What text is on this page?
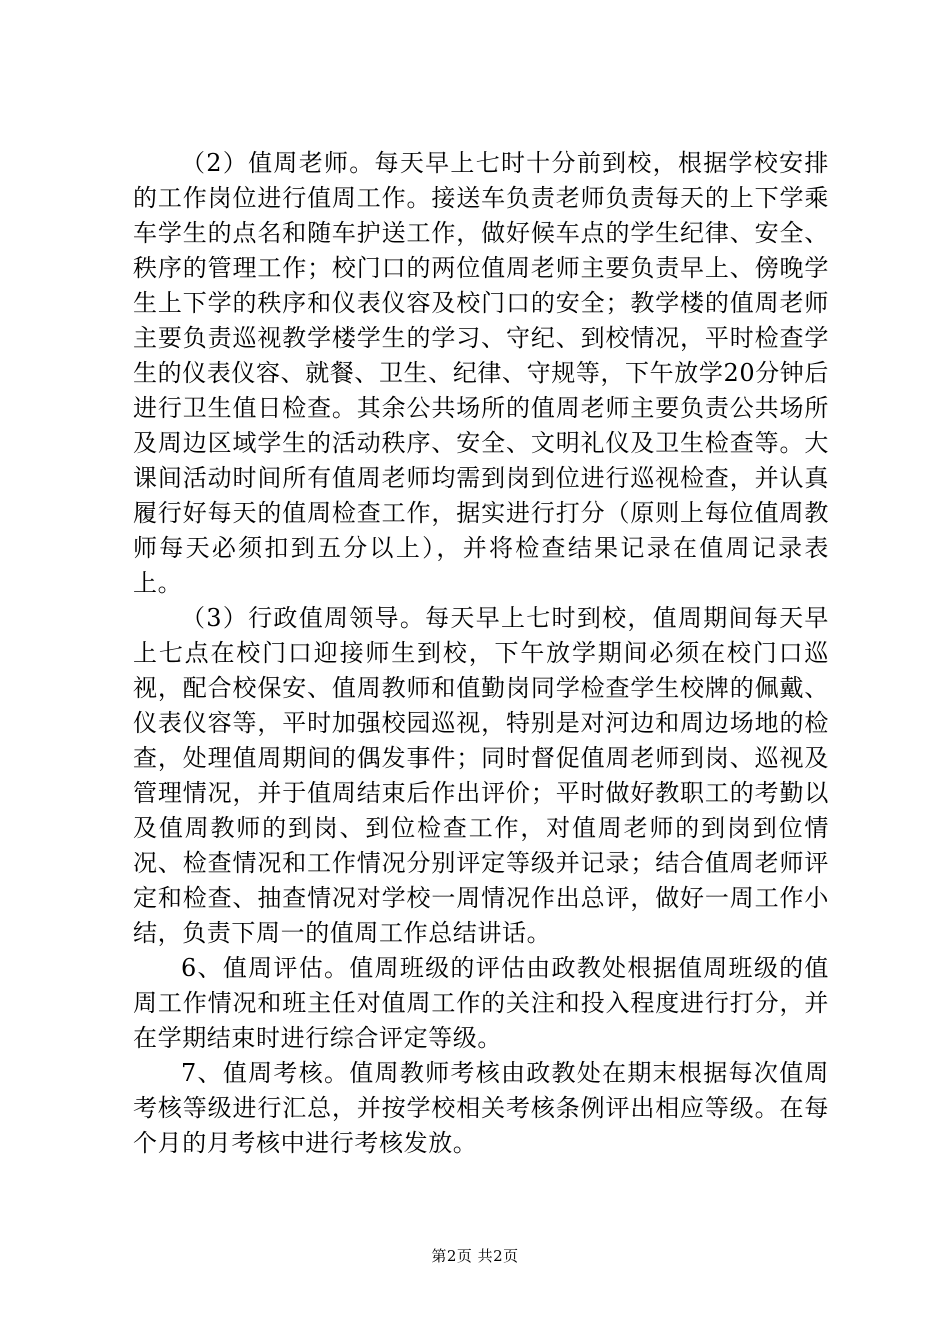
（2）值周老师。每天早上七时十分前到校，根据学校安排的工作岗位进行值周工作。接送车负责老师负责每天的上下学乘车学生的点名和随车护送工作，做好候车点的学生纪律、安全、秩序的管理工作；校门口的两位值周老师主要负责早上、傍晚学生上下学的秩序和仪表仪容及校门口的安全；教学楼的值周老师主要负责巡视教学楼学生的学习、守纪、到校情况，平时检查学生的仪表仪容、就餐、卫生、纪律、守规等，下午放学20分钟后进行卫生值日检查。其余公共场所的值周老师主要负责公共场所及周边区域学生的活动秩序、安全、文明礼仪及卫生检查等。大课间活动时间所有值周老师均需到岗到位进行巡视检查，并认真履行好每天的值周检查工作，据实进行打分（原则上每位值周教师每天必须扣到五分以上），并将检查结果记录在值周记录表上。

（3）行政值周领导。每天早上七时到校，值周期间每天早上七点在校门口迎接师生到校，下午放学期间必须在校门口巡视，配合校保安、值周教师和值勤岗同学检查学生校牌的佩戴、仪表仪容等，平时加强校园巡视，特别是对河边和周边场地的检查，处理值周期间的偶发事件；同时督促值周老师到岗、巡视及管理情况，并于值周结束后作出评价；平时做好教职工的考勤以及值周教师的到岗、到位检查工作，对值周老师的到岗到位情况、检查情况和工作情况分别评定等级并记录；结合值周老师评定和检查、抽查情况对学校一周情况作出总评，做好一周工作小结，负责下周一的值周工作总结讲话。

6、值周评估。值周班级的评估由政教处根据值周班级的值周工作情况和班主任对值周工作的关注和投入程度进行打分，并在学期结束时进行综合评定等级。

7、值周考核。值周教师考核由政教处在期末根据每次值周考核等级进行汇总，并按学校相关考核条例评出相应等级。在每个月的月考核中进行考核发放。

第2页 共2页
